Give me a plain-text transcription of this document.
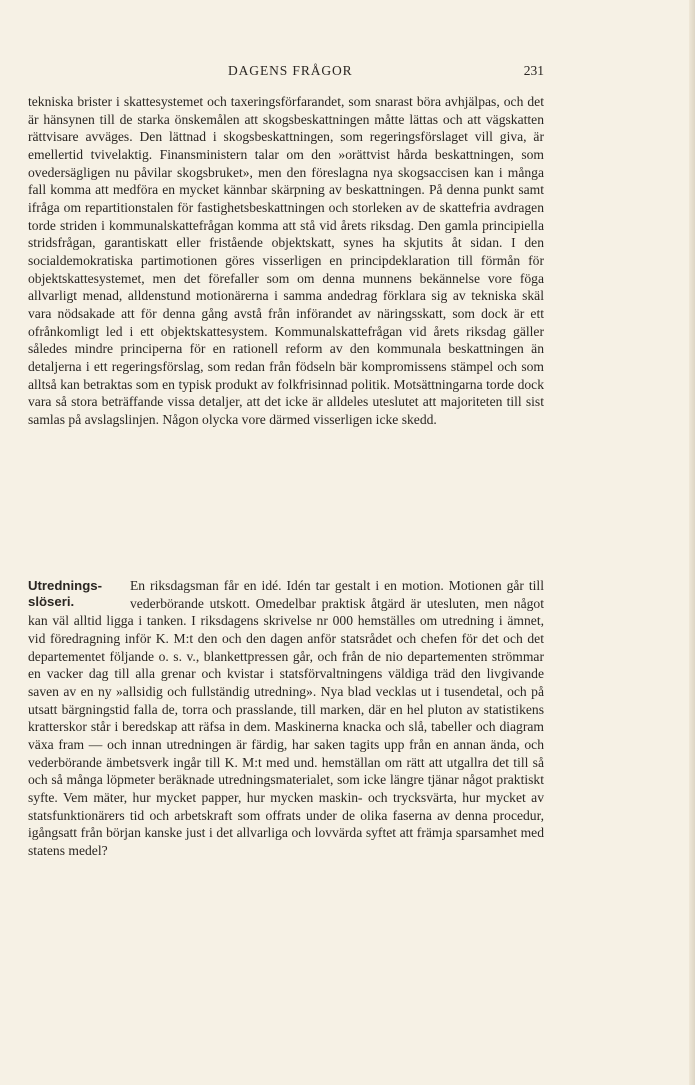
DAGENS FRÅGOR	231

tekniska brister i skattesystemet och taxeringsförfarandet, som snarast böra avhjälpas, och det är hänsynen till de starka önskemålen att skogsbeskattningen måtte lättas och att vägskatten rättvisare avväges. Den lättnad i skogsbeskattningen, som regeringsförslaget vill giva, är emellertid tvivelaktig. Finansministern talar om den »orättvist hårda beskattningen, som ovedersägligen nu påvilar skogsbruket», men den föreslagna nya skogsaccisen kan i många fall komma att medföra en mycket kännbar skärpning av beskattningen. På denna punkt samt ifråga om repartitionstalen för fastighetsbeskattningen och storleken av de skattefria avdragen torde striden i kommunalskattefrågan komma att stå vid årets riksdag. Den gamla principiella stridsfrågan, garantiskatt eller fristående objektskatt, synes ha skjutits åt sidan. I den socialdemokratiska partimotionen göres visserligen en principdeklaration till förmån för objektskattesystemet, men det förefaller som om denna munnens bekännelse vore föga allvarligt menad, alldenstund motionärerna i samma andedrag förklara sig av tekniska skäl vara nödsakade att för denna gång avstå från införandet av näringsskatt, som dock är ett ofrånkomligt led i ett objektskattesystem. Kommunalskattefrågan vid årets riksdag gäller således mindre principerna för en rationell reform av den kommunala beskattningen än detaljerna i ett regeringsförslag, som redan från födseln bär kompromissens stämpel och som alltså kan betraktas som en typisk produkt av folkfrisinnad politik. Motsättningarna torde dock vara så stora beträffande vissa detaljer, att det icke är alldeles uteslutet att majoriteten till sist samlas på avslagslinjen. Någon olycka vore därmed visserligen icke skedd.

Utrednings-
slöseri.

En riksdagsman får en idé. Idén tar gestalt i en motion. Motionen går till vederbörande utskott. Omedelbar praktisk åtgärd är utesluten, men något kan väl alltid ligga i tanken. I riksdagens skrivelse nr 000 hemställes om utredning i ämnet, vid föredragning inför K. M:t den och den dagen anför statsrådet och chefen för det och det departementet följande o. s. v., blankettpressen går, och från de nio departementen strömmar en vacker dag till alla grenar och kvistar i statsförvaltningens väldiga träd den livgivande saven av en ny »allsidig och fullständig utredning». Nya blad vecklas ut i tusendetal, och på utsatt bärgningstid falla de, torra och prasslande, till marken, där en hel pluton av statistikens kratterskor står i beredskap att räfsa in dem. Maskinerna knacka och slå, tabeller och diagram växa fram — och innan utredningen är färdig, har saken tagits upp från en annan ända, och vederbörande ämbetsverk ingår till K. M:t med und. hemställan om rätt att utgallra det till så och så många löpmeter beräknade utredningsmaterialet, som icke längre tjänar något praktiskt syfte. Vem mäter, hur mycket papper, hur mycken maskin- och trycksvärta, hur mycket av statsfunktionärers tid och arbetskraft som offrats under de olika faserna av denna procedur, igångsatt från början kanske just i det allvarliga och lovvärda syftet att främja sparsamhet med statens medel?
